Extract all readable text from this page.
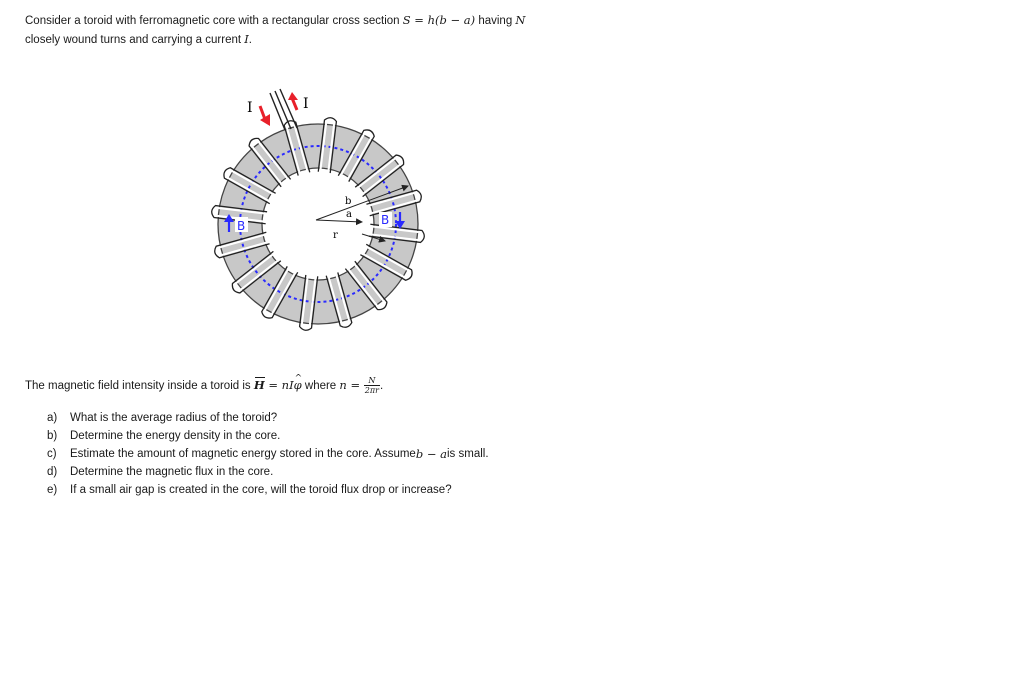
Consider a toroid with ferromagnetic core with a rectangular cross section S = h(b − a) having N
closely wound turns and carrying a current I.
I	I
B	B
b
a
r
The magnetic field intensity inside a toroid is H = nI^ φ where $n = \frac{N}{2\pi r}$ .
a)	What is the average radius of the toroid?
b)	Determine the energy density in the core.
c)	Estimate the amount of magnetic energy stored in the core. Assume b − a is small.
d)	Determine the magnetic flux in the core.
e)	If a small air gap is created in the core, will the toroid flux drop or increase?
